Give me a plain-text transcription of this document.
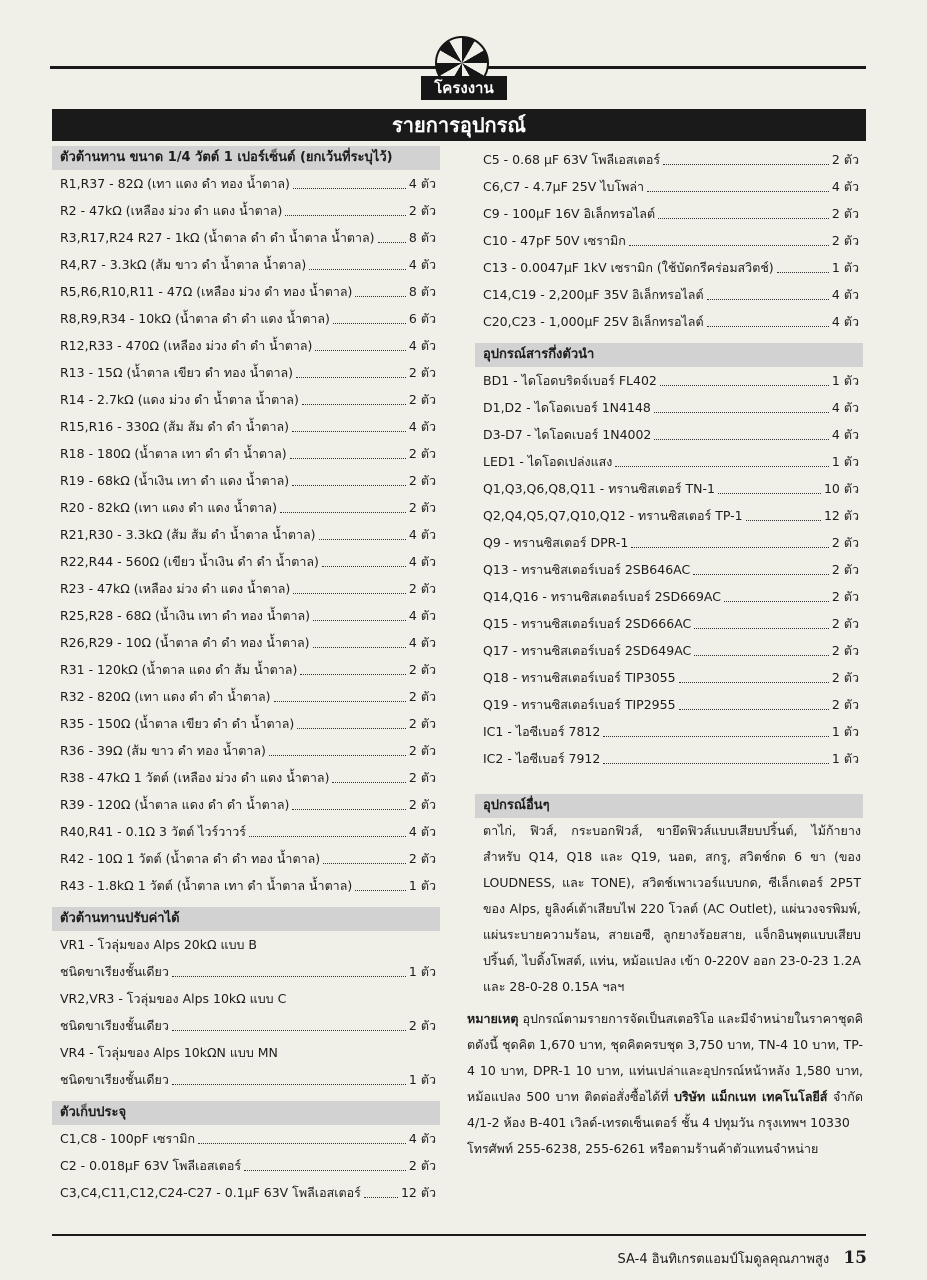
โครงงาน
รายการอุปกรณ์
ตัวต้านทาน ขนาด 1/4 วัตต์ 1 เปอร์เซ็นต์ (ยกเว้นที่ระบุไว้)
R1,R37 - 82Ω (เทา แดง ดำ ทอง น้ำตาล)	4 ตัว
R2 - 47kΩ (เหลือง ม่วง ดำ แดง น้ำตาล)	2 ตัว
R3,R17,R24 R27 - 1kΩ (น้ำตาล ดำ ดำ น้ำตาล น้ำตาล)	8 ตัว
R4,R7 - 3.3kΩ (ส้ม ขาว ดำ น้ำตาล น้ำตาล)	4 ตัว
R5,R6,R10,R11 - 47Ω (เหลือง ม่วง ดำ ทอง น้ำตาล)	8 ตัว
R8,R9,R34 - 10kΩ (น้ำตาล ดำ ดำ แดง น้ำตาล)	6 ตัว
R12,R33 - 470Ω (เหลือง ม่วง ดำ ดำ น้ำตาล)	4 ตัว
R13 - 15Ω (น้ำตาล เขียว ดำ ทอง น้ำตาล)	2 ตัว
R14 - 2.7kΩ (แดง ม่วง ดำ น้ำตาล น้ำตาล)	2 ตัว
R15,R16 - 330Ω (ส้ม ส้ม ดำ ดำ น้ำตาล)	4 ตัว
R18 - 180Ω (น้ำตาล เทา ดำ ดำ น้ำตาล)	2 ตัว
R19 - 68kΩ (น้ำเงิน เทา ดำ แดง น้ำตาล)	2 ตัว
R20 - 82kΩ (เทา แดง ดำ แดง น้ำตาล)	2 ตัว
R21,R30 - 3.3kΩ (ส้ม ส้ม ดำ น้ำตาล น้ำตาล)	4 ตัว
R22,R44 - 560Ω (เขียว น้ำเงิน ดำ ดำ น้ำตาล)	4 ตัว
R23 - 47kΩ (เหลือง ม่วง ดำ แดง น้ำตาล)	2 ตัว
R25,R28 - 68Ω (น้ำเงิน เทา ดำ ทอง น้ำตาล)	4 ตัว
R26,R29 - 10Ω (น้ำตาล ดำ ดำ ทอง น้ำตาล)	4 ตัว
R31 - 120kΩ (น้ำตาล แดง ดำ ส้ม น้ำตาล)	2 ตัว
R32 - 820Ω (เทา แดง ดำ ดำ น้ำตาล)	2 ตัว
R35 - 150Ω (น้ำตาล เขียว ดำ ดำ น้ำตาล)	2 ตัว
R36 - 39Ω (ส้ม ขาว ดำ ทอง น้ำตาล)	2 ตัว
R38 - 47kΩ 1 วัตต์ (เหลือง ม่วง ดำ แดง น้ำตาล)	2 ตัว
R39 - 120Ω (น้ำตาล แดง ดำ ดำ น้ำตาล)	2 ตัว
R40,R41 - 0.1Ω 3 วัตต์ ไวร์วาวร์	4 ตัว
R42 - 10Ω 1 วัตต์ (น้ำตาล ดำ ดำ ทอง น้ำตาล)	2 ตัว
R43 - 1.8kΩ 1 วัตต์ (น้ำตาล เทา ดำ น้ำตาล น้ำตาล)	1 ตัว
ตัวต้านทานปรับค่าได้
VR1 - โวลุ่มของ Alps 20kΩ แบบ B
ชนิดขาเรียงชั้นเดียว	1 ตัว
VR2,VR3 - โวลุ่มของ Alps 10kΩ แบบ C
ชนิดขาเรียงชั้นเดียว	2 ตัว
VR4 - โวลุ่มของ Alps 10kΩN แบบ MN
ชนิดขาเรียงชั้นเดียว	1 ตัว
ตัวเก็บประจุ
C1,C8 - 100pF เซรามิก	4 ตัว
C2 - 0.018μF 63V โพลีเอสเตอร์	2 ตัว
C3,C4,C11,C12,C24-C27 - 0.1μF 63V โพลีเอสเตอร์	12 ตัว
C5 - 0.68 μF 63V โพลีเอสเตอร์	2 ตัว
C6,C7 - 4.7μF 25V ไบโพล่า	4 ตัว
C9 - 100μF 16V อิเล็กทรอไลต์	2 ตัว
C10 - 47pF 50V เซรามิก	2 ตัว
C13 - 0.0047μF 1kV เซรามิก (ใช้บัดกรีคร่อมสวิตช์)	1 ตัว
C14,C19 - 2,200μF 35V อิเล็กทรอไลต์	4 ตัว
C20,C23 - 1,000μF 25V อิเล็กทรอไลต์	4 ตัว
อุปกรณ์สารกึ่งตัวนำ
BD1 - ไดโอดบริดจ์เบอร์ FL402	1 ตัว
D1,D2 - ไดโอดเบอร์ 1N4148	4 ตัว
D3-D7 - ไดโอดเบอร์ 1N4002	4 ตัว
LED1 - ไดโอดเปล่งแสง	1 ตัว
Q1,Q3,Q6,Q8,Q11 - ทรานซิสเตอร์ TN-1	10 ตัว
Q2,Q4,Q5,Q7,Q10,Q12 - ทรานซิสเตอร์ TP-1	12 ตัว
Q9 - ทรานซิสเตอร์ DPR-1	2 ตัว
Q13 - ทรานซิสเตอร์เบอร์ 2SB646AC	2 ตัว
Q14,Q16 - ทรานซิสเตอร์เบอร์ 2SD669AC	2 ตัว
Q15 - ทรานซิสเตอร์เบอร์ 2SD666AC	2 ตัว
Q17 - ทรานซิสเตอร์เบอร์ 2SD649AC	2 ตัว
Q18 - ทรานซิสเตอร์เบอร์ TIP3055	2 ตัว
Q19 - ทรานซิสเตอร์เบอร์ TIP2955	2 ตัว
IC1 - ไอซีเบอร์ 7812	1 ตัว
IC2 - ไอซีเบอร์ 7912	1 ตัว
อุปกรณ์อื่นๆ
ตาไก่, ฟิวส์, กระบอกฟิวส์, ขายึดฟิวส์แบบเสียบปริ้นต์, ไม้ก้ายาง สำหรับ Q14, Q18 และ Q19, นอต, สกรู, สวิตช์กด 6 ขา (ของ LOUDNESS, และ TONE), สวิตช์เพาเวอร์แบบกด, ซีเล็กเตอร์ 2P5T ของ Alps, ยูลิงค์เต้าเสียบไฟ 220 โวลต์ (AC Outlet), แผ่นวงจรพิมพ์, แผ่นระบายความร้อน, สายเอซี, ลูกยางร้อยสาย, แจ็กอินพุตแบบเสียบปริ้นต์, ไบดิ้งโพสต์, แท่น, หม้อแปลง เข้า 0-220V ออก 23-0-23 1.2A และ 28-0-28 0.15A ฯลฯ
หมายเหตุ อุปกรณ์ตามรายการจัดเป็นสเตอริโอ และมีจำหน่ายในราคาชุดคิตดังนี้ ชุดคิต 1,670 บาท, ชุดคิตครบชุด 3,750 บาท, TN-4 10 บาท, TP-4 10 บาท, DPR-1 10 บาท, แท่นเปล่าและอุปกรณ์หน้าหลัง 1,580 บาท, หม้อแปลง 500 บาท ติดต่อสั่งซื้อได้ที่ บริษัท แม็กเนท เทคโนโลยีส์ จำกัด 4/1-2 ห้อง B-401 เวิลด์-เทรดเซ็นเตอร์ ชั้น 4 ปทุมวัน กรุงเทพฯ 10330
โทรศัพท์ 255-6238, 255-6261 หรือตามร้านค้าตัวแทนจำหน่าย
SA-4 อินทิเกรตแอมป์โมดูลคุณภาพสูง 15
